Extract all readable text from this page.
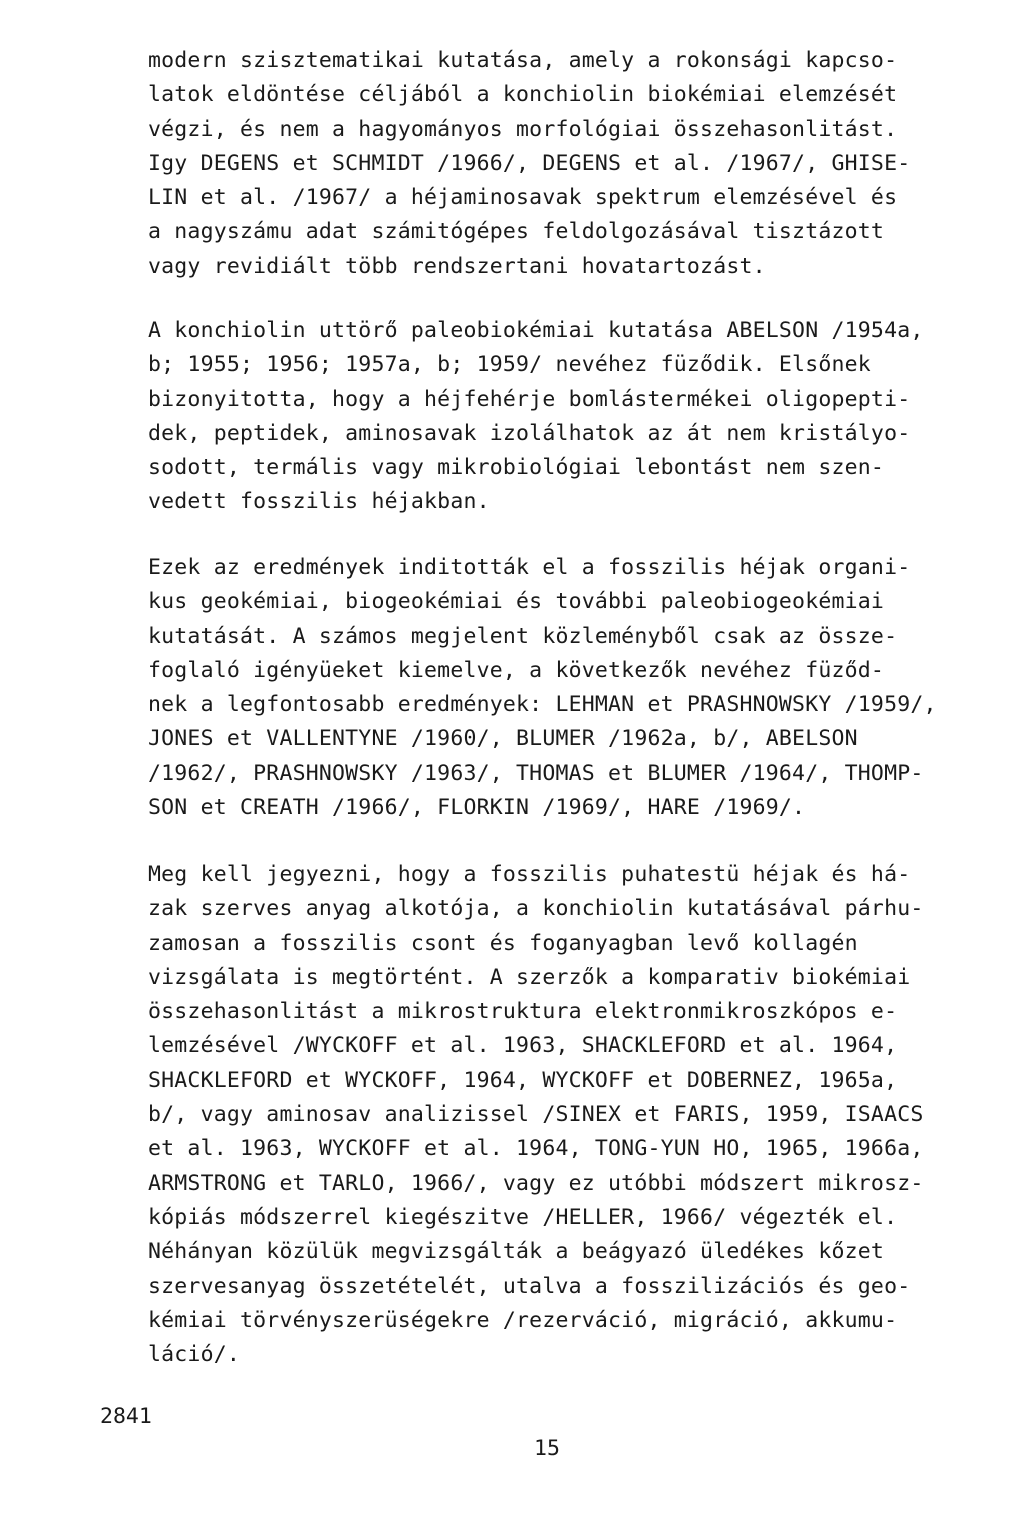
modern szisztematikai kutatása, amely a rokonsági kapcso-
latok eldöntése céljából a konchiolin biokémiai elemzését
végzi, és nem a hagyományos morfológiai összehasonlitást.
Igy DEGENS et SCHMIDT /1966/, DEGENS et al. /1967/, GHISE-
LIN et al. /1967/ a héjaminosavak spektrum elemzésével és
a nagyszámu adat számitógépes feldolgozásával tisztázott
vagy revidiált több rendszertani hovatartozást.
A konchiolin uttörő paleobiokémiai kutatása ABELSON /1954a,
b; 1955; 1956; 1957a, b; 1959/ nevéhez füződik. Elsőnek
bizonyitotta, hogy a héjfehérje bomlástermékei oligopepti-
dek, peptidek, aminosavak izolálhatok az át nem kristályo-
sodott, termális vagy mikrobiológiai lebontást nem szen-
vedett fosszilis héjakban.
Ezek az eredmények inditották el a fosszilis héjak organi-
kus geokémiai, biogeokémiai és további paleobiogeokémiai
kutatását. A számos megjelent közleményből csak az össze-
foglaló igényüeket kiemelve, a következők nevéhez füződ-
nek a legfontosabb eredmények: LEHMAN et PRASHNOWSKY /1959/,
JONES et VALLENTYNE /1960/, BLUMER /1962a, b/, ABELSON
/1962/, PRASHNOWSKY /1963/, THOMAS et BLUMER /1964/, THOMP-
SON et CREATH /1966/, FLORKIN /1969/, HARE /1969/.
Meg kell jegyezni, hogy a fosszilis puhatestü héjak és há-
zak szerves anyag alkotója, a konchiolin kutatásával párhu-
zamosan a fosszilis csont és foganyagban levő kollagén
vizsgálata is megtörtént. A szerzők a komparativ biokémiai
összehasonlitást a mikrostruktura elektronmikroszkópos e-
lemzésével /WYCKOFF et al. 1963, SHACKLEFORD et al. 1964,
SHACKLEFORD et WYCKOFF, 1964, WYCKOFF et DOBERNEZ, 1965a,
b/, vagy aminosav analizissel /SINEX et FARIS, 1959, ISAACS
et al. 1963, WYCKOFF et al. 1964, TONG-YUN HO, 1965, 1966a,
ARMSTRONG et TARLO, 1966/, vagy ez utóbbi módszert mikrosz-
kópiás módszerrel kiegészitve /HELLER, 1966/ végezték el.
Néhányan közülük megvizsgálták a beágyazó üledékes kőzet
szervesanyag összetételét, utalva a fosszilizációs és geo-
kémiai törvényszerüségekre /rezerváció, migráció, akkumu-
láció/.
2841
15
